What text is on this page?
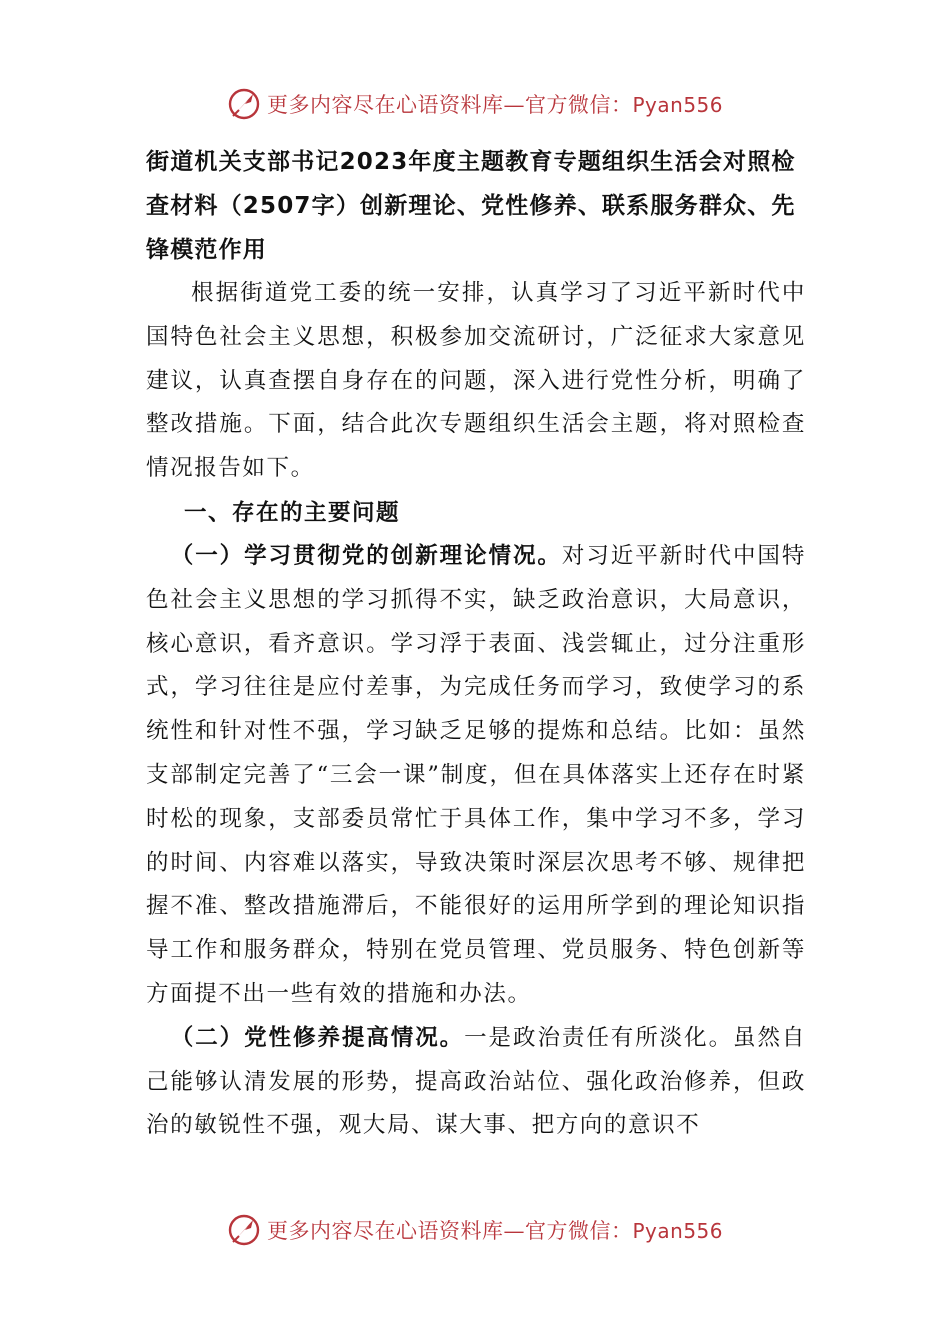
更多内容尽在心语资料库—官方微信：Pyan556
街道机关支部书记2023年度主题教育专题组织生活会对照检查材料（2507字）创新理论、党性修养、联系服务群众、先锋模范作用

根据街道党工委的统一安排，认真学习了习近平新时代中国特色社会主义思想，积极参加交流研讨，广泛征求大家意见建议，认真查摆自身存在的问题，深入进行党性分析，明确了整改措施。下面，结合此次专题组织生活会主题，将对照检查情况报告如下。

一、存在的主要问题

（一）学习贯彻党的创新理论情况。对习近平新时代中国特色社会主义思想的学习抓得不实，缺乏政治意识，大局意识，核心意识，看齐意识。学习浮于表面、浅尝辄止，过分注重形式，学习往往是应付差事，为完成任务而学习，致使学习的系统性和针对性不强，学习缺乏足够的提炼和总结。比如：虽然支部制定完善了“三会一课”制度，但在具体落实上还存在时紧时松的现象，支部委员常忙于具体工作，集中学习不多，学习的时间、内容难以落实，导致决策时深层次思考不够、规律把握不准、整改措施滞后，不能很好的运用所学到的理论知识指导工作和服务群众，特别在党员管理、党员服务、特色创新等方面提不出一些有效的措施和办法。

（二）党性修养提高情况。一是政治责任有所淡化。虽然自己能够认清发展的形势，提高政治站位、强化政治修养，但政治的敏锐性不强，观大局、谋大事、把方向的意识不

更多内容尽在心语资料库—官方微信：Pyan556
